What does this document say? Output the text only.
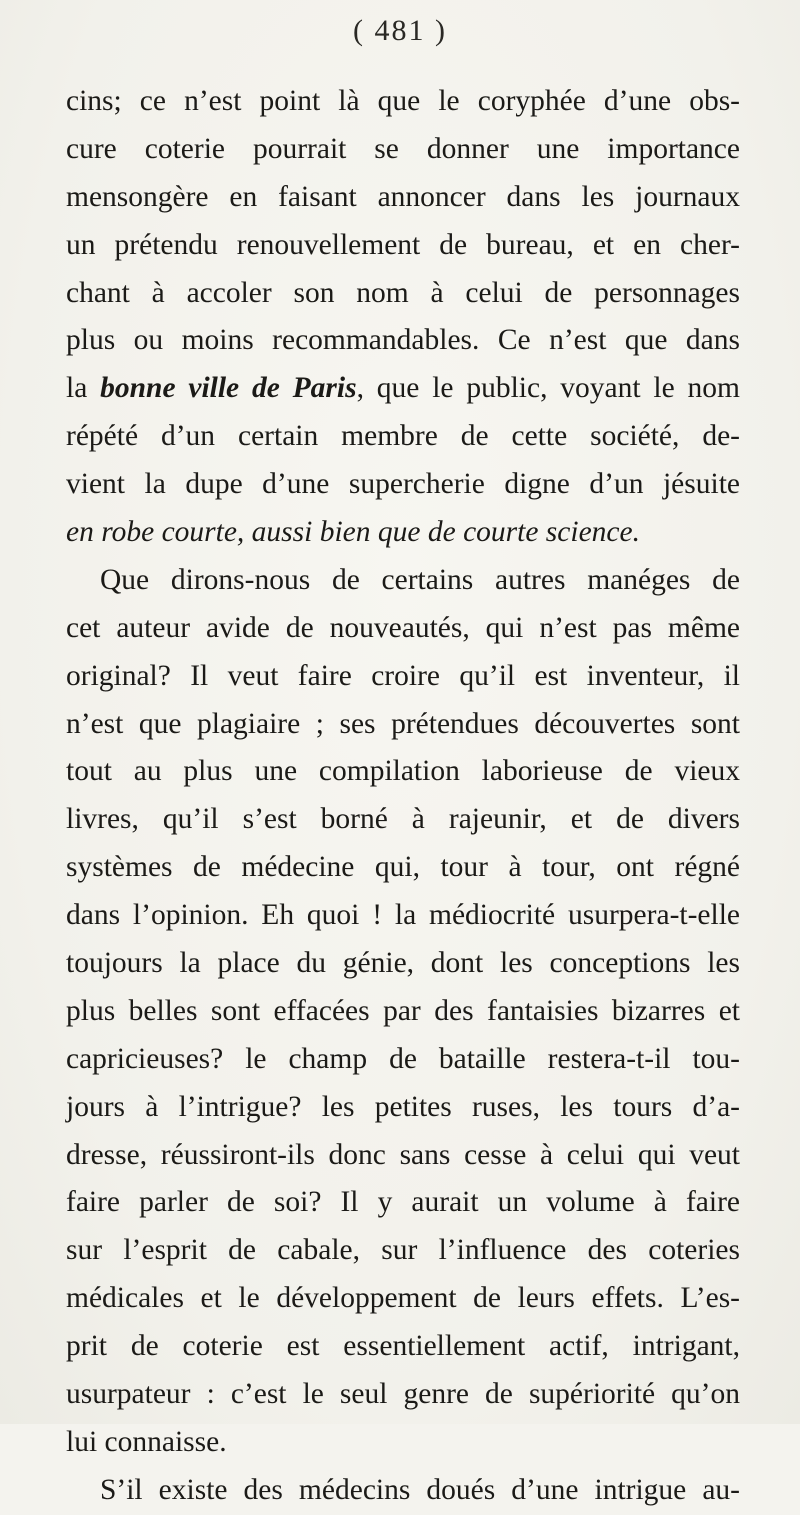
( 481 )
cins; ce n’est point là que le coryphée d’une obs-
cure coterie pourrait se donner une importance
mensongère en faisant annoncer dans les journaux
un prétendu renouvellement de bureau, et en cher-
chant à accoler son nom à celui de personnages
plus ou moins recommandables. Ce n’est que dans
la bonne ville de Paris, que le public, voyant le nom
répété d’un certain membre de cette société, de-
vient la dupe d’une supercherie digne d’un jésuite
en robe courte, aussi bien que de courte science.
Que dirons-nous de certains autres manéges de
cet auteur avide de nouveautés, qui n’est pas même
original? Il veut faire croire qu’il est inventeur, il
n’est que plagiaire ; ses prétendues découvertes sont
tout au plus une compilation laborieuse de vieux
livres, qu’il s’est borné à rajeunir, et de divers
systèmes de médecine qui, tour à tour, ont régné
dans l’opinion. Eh quoi ! la médiocrité usurpera-t-elle
toujours la place du génie, dont les conceptions les
plus belles sont effacées par des fantaisies bizarres et
capricieuses? le champ de bataille restera-t-il tou-
jours à l’intrigue? les petites ruses, les tours d’a-
dresse, réussiront-ils donc sans cesse à celui qui veut
faire parler de soi? Il y aurait un volume à faire
sur l’esprit de cabale, sur l’influence des coteries
médicales et le développement de leurs effets. L’es-
prit de coterie est essentiellement actif, intrigant,
usurpateur : c’est le seul genre de supériorité qu’on
lui connaisse.
S’il existe des médecins doués d’une intrigue au-
